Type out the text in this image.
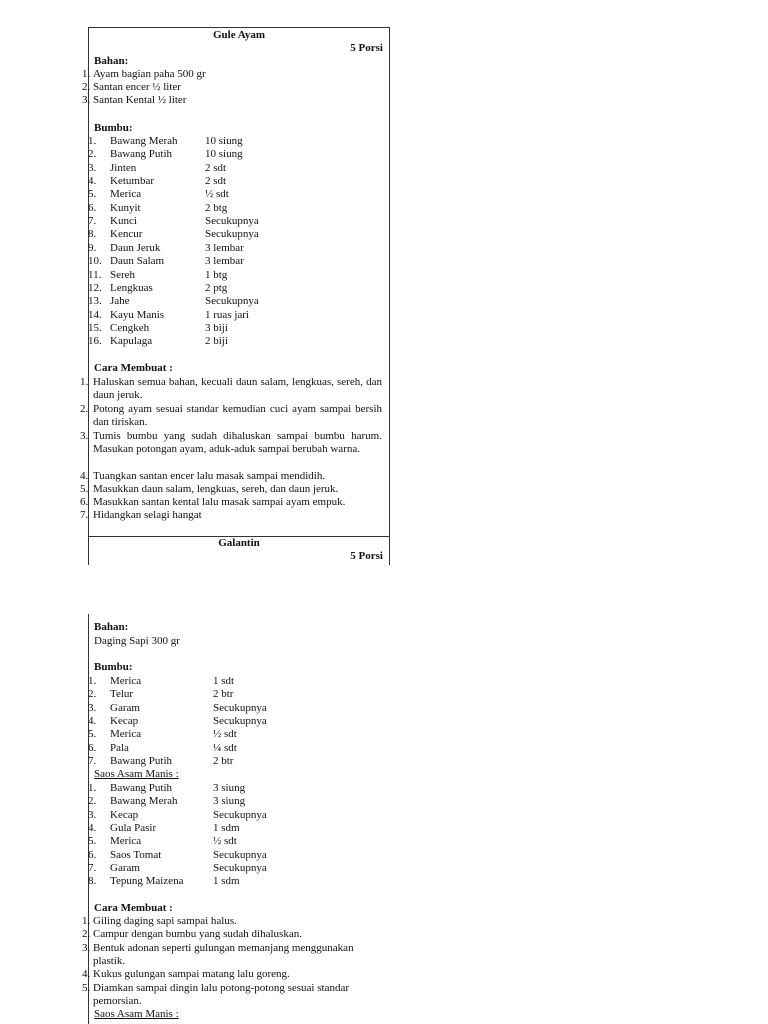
Gule Ayam
5 Porsi
Bahan:
1. Ayam bagian paha 500 gr
2. Santan encer ½ liter
3. Santan Kental ½ liter
Bumbu:
1. Bawang Merah 10 siung
2. Bawang Putih	10 siung
3. Jinten	2 sdt
4. Ketumbar	2 sdt
5. Merica	½ sdt
6. Kunyit	2 btg
7. Kunci	Secukupnya
8. Kencur	Secukupnya
9. Daun Jeruk	3 lembar
10. Daun Salam	3 lembar
11. Sereh	1 btg
12. Lengkuas	2 ptg
13. Jahe	Secukupnya
14. Kayu Manis	1 ruas jari
15. Cengkeh	3 biji
16. Kapulaga	2 biji
Cara Membuat :
1. Haluskan semua bahan, kecuali daun salam, lengkuas, sereh, dan daun jeruk.
2. Potong ayam sesuai standar kemudian cuci ayam sampai bersih dan tiriskan.
3. Tumis bumbu yang sudah dihaluskan sampai bumbu harum. Masukan potongan ayam, aduk-aduk sampai berubah warna.
4. Tuangkan santan encer lalu masak sampai mendidih.
5. Masukkan daun salam, lengkuas, sereh, dan daun jeruk.
6. Masukkan santan kental lalu masak sampai ayam empuk.
7. Hidangkan selagi hangat
Galantin
5 Porsi
Bahan:
Daging Sapi 300 gr
Bumbu:
1. Merica	1 sdt
2. Telur	2 btr
3. Garam	Secukupnya
4. Kecap	Secukupnya
5. Merica	½ sdt
6. Pala	¼ sdt
7. Bawang Putih	2 btr
Saos Asam Manis :
1. Bawang Putih	3 siung
2. Bawang Merah	3 siung
3. Kecap	Secukupnya
4. Gula Pasir	1 sdm
5. Merica	½ sdt
6. Saos Tomat	Secukupnya
7. Garam	Secukupnya
8. Tepung Maizena	1 sdm
Cara Membuat :
1. Giling daging sapi sampai halus.
2. Campur dengan bumbu yang sudah dihaluskan.
3. Bentuk adonan seperti gulungan memanjang menggunakan plastik.
4. Kukus gulungan sampai matang lalu goreng.
5. Diamkan sampai dingin lalu potong-potong sesuai standar pemorsian.
Saos Asam Manis :
